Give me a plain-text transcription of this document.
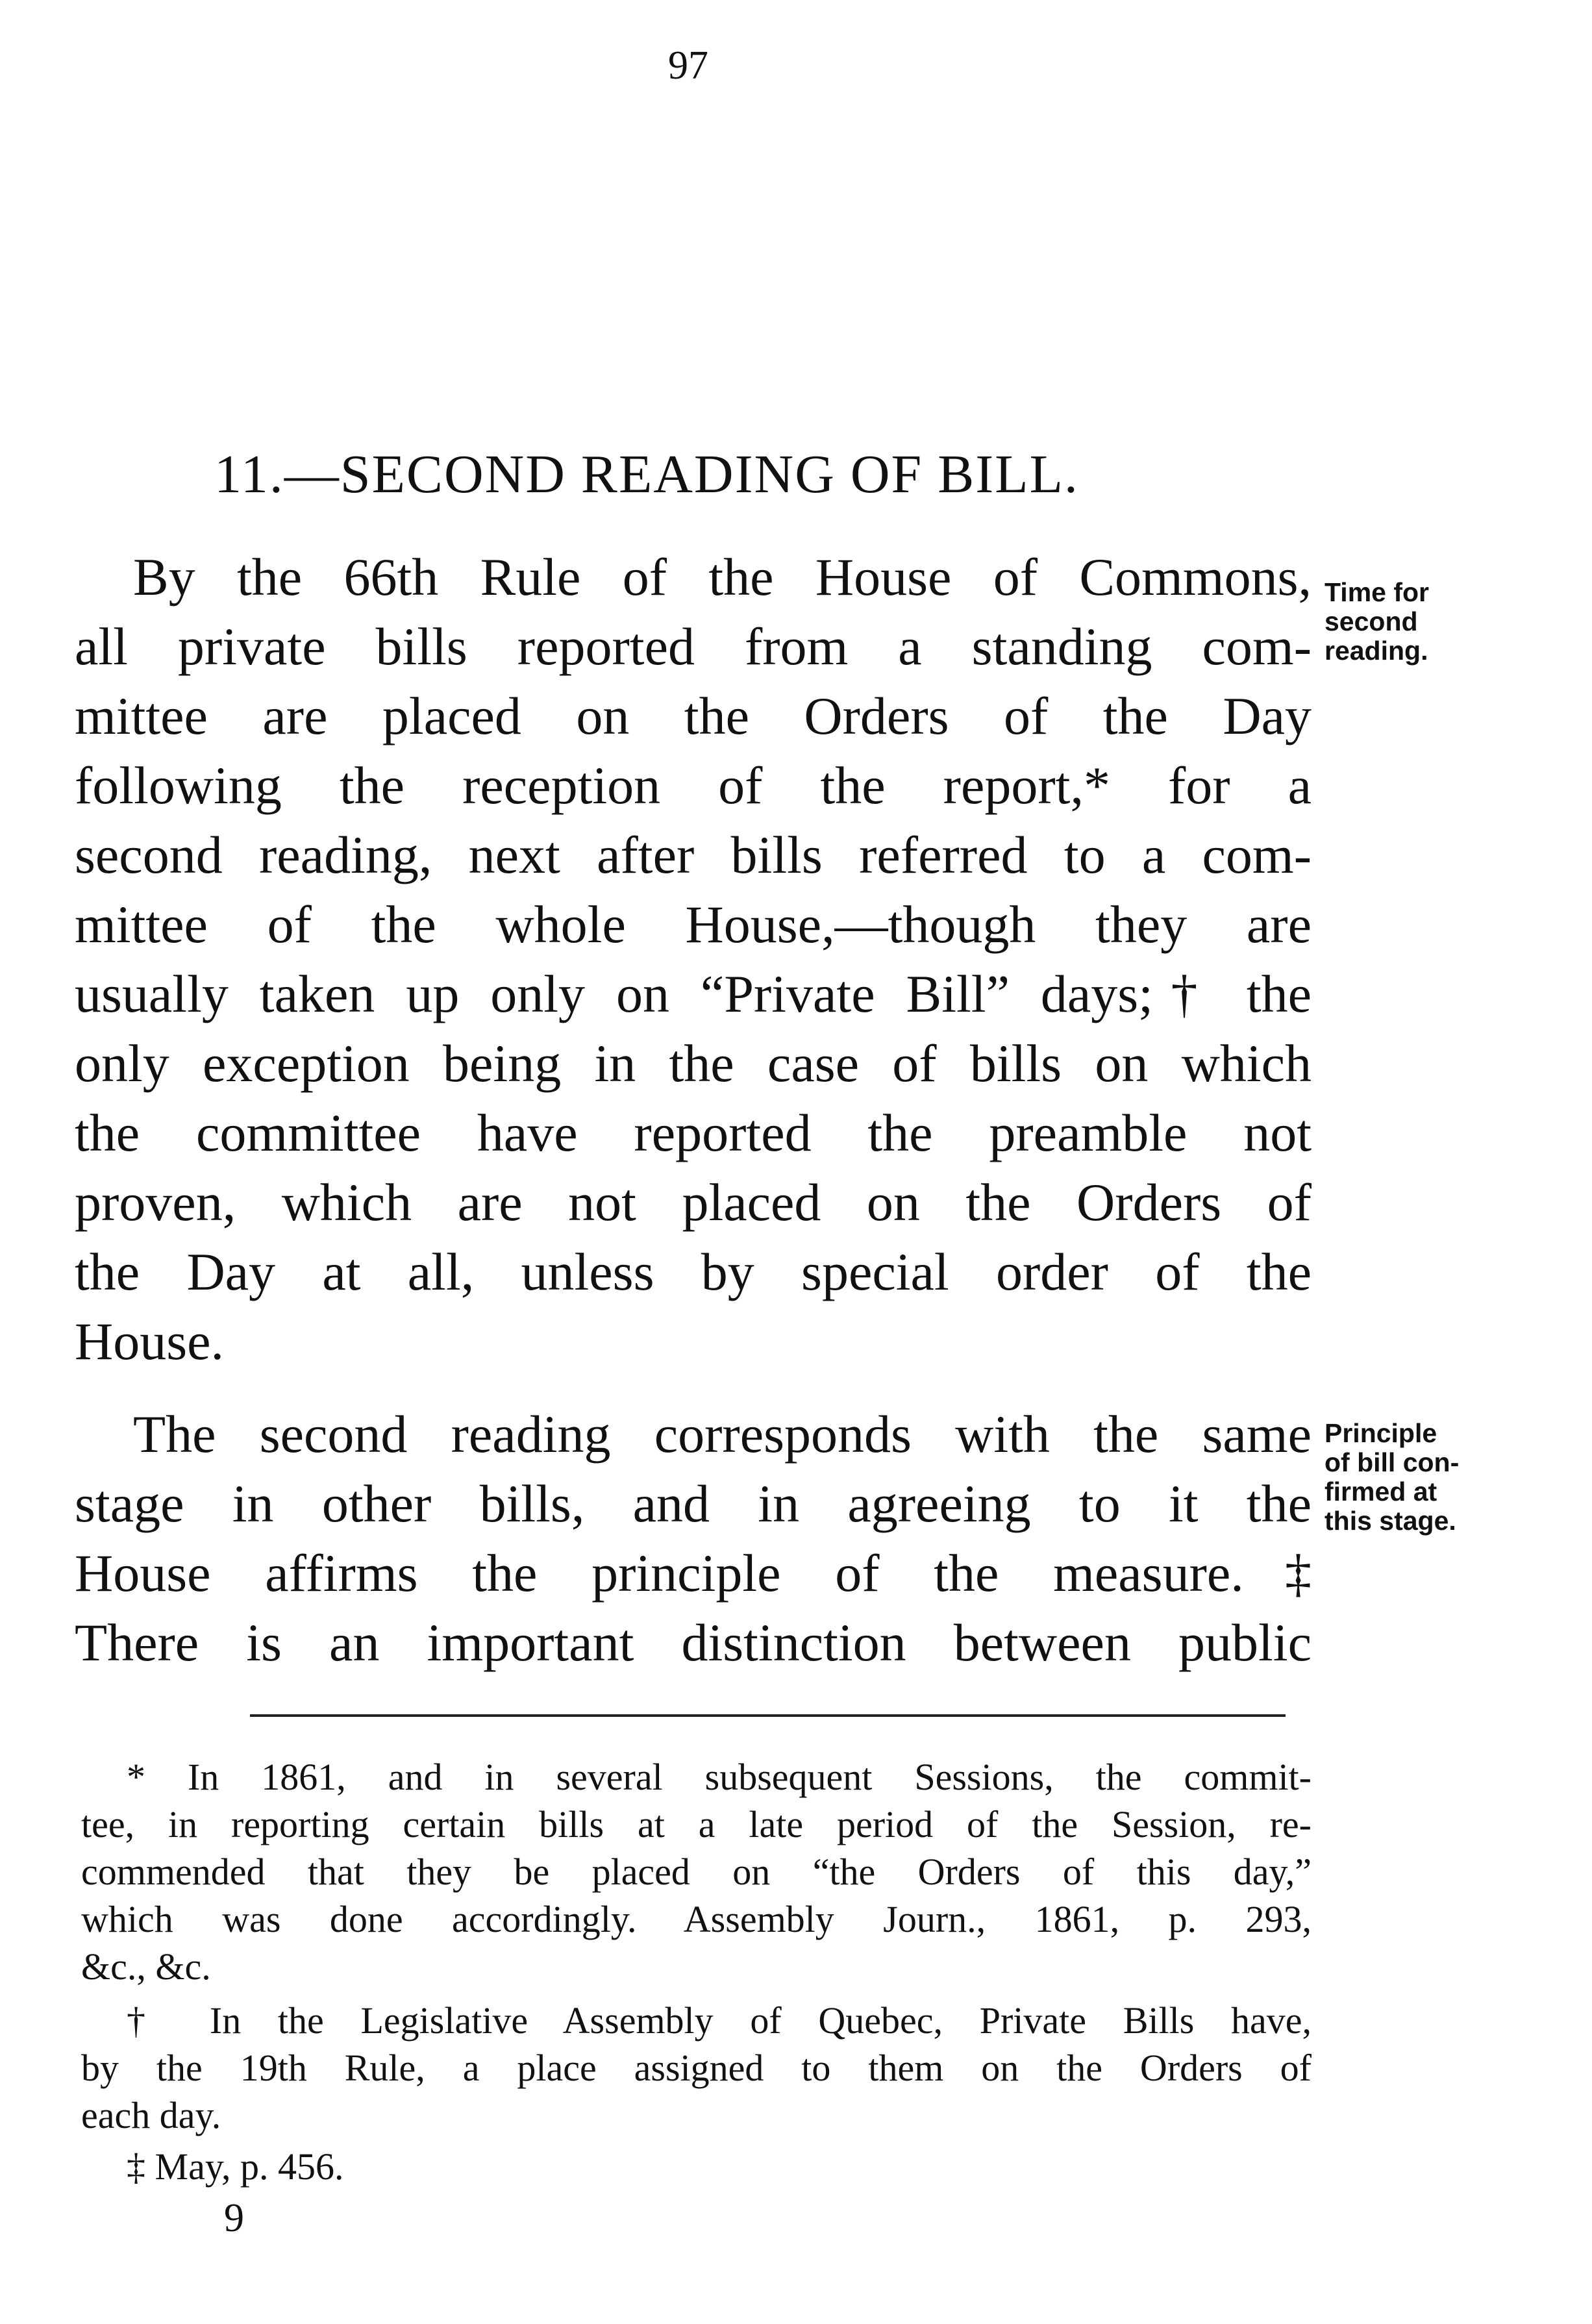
97
11.—SECOND READING OF BILL.

By the 66th Rule of the House of Commons,
all private bills reported from a standing com-
mittee are placed on the Orders of the Day
following the reception of the report,* for a
second reading, next after bills referred to a com-
mittee of the whole House,—though they are
usually taken up only on “Private Bill” days;† the
only exception being in the case of bills on which
the committee have reported the preamble not
proven, which are not placed on the Orders of
the Day at all, unless by special order of the
House.

Time for
second
reading.

The second reading corresponds with the same
stage in other bills, and in agreeing to it the
House affirms the principle of the measure.‡
There is an important distinction between public

Principle
of bill con-
firmed at
this stage.

* In 1861, and in several subsequent Sessions, the commit-
tee, in reporting certain bills at a late period of the Session, re-
commended that they be placed on “the Orders of this day,”
which was done accordingly. Assembly Journ., 1861, p. 293,
&c., &c.

† In the Legislative Assembly of Quebec, Private Bills have,
by the 19th Rule, a place assigned to them on the Orders of
each day.

‡ May, p. 456.

9
